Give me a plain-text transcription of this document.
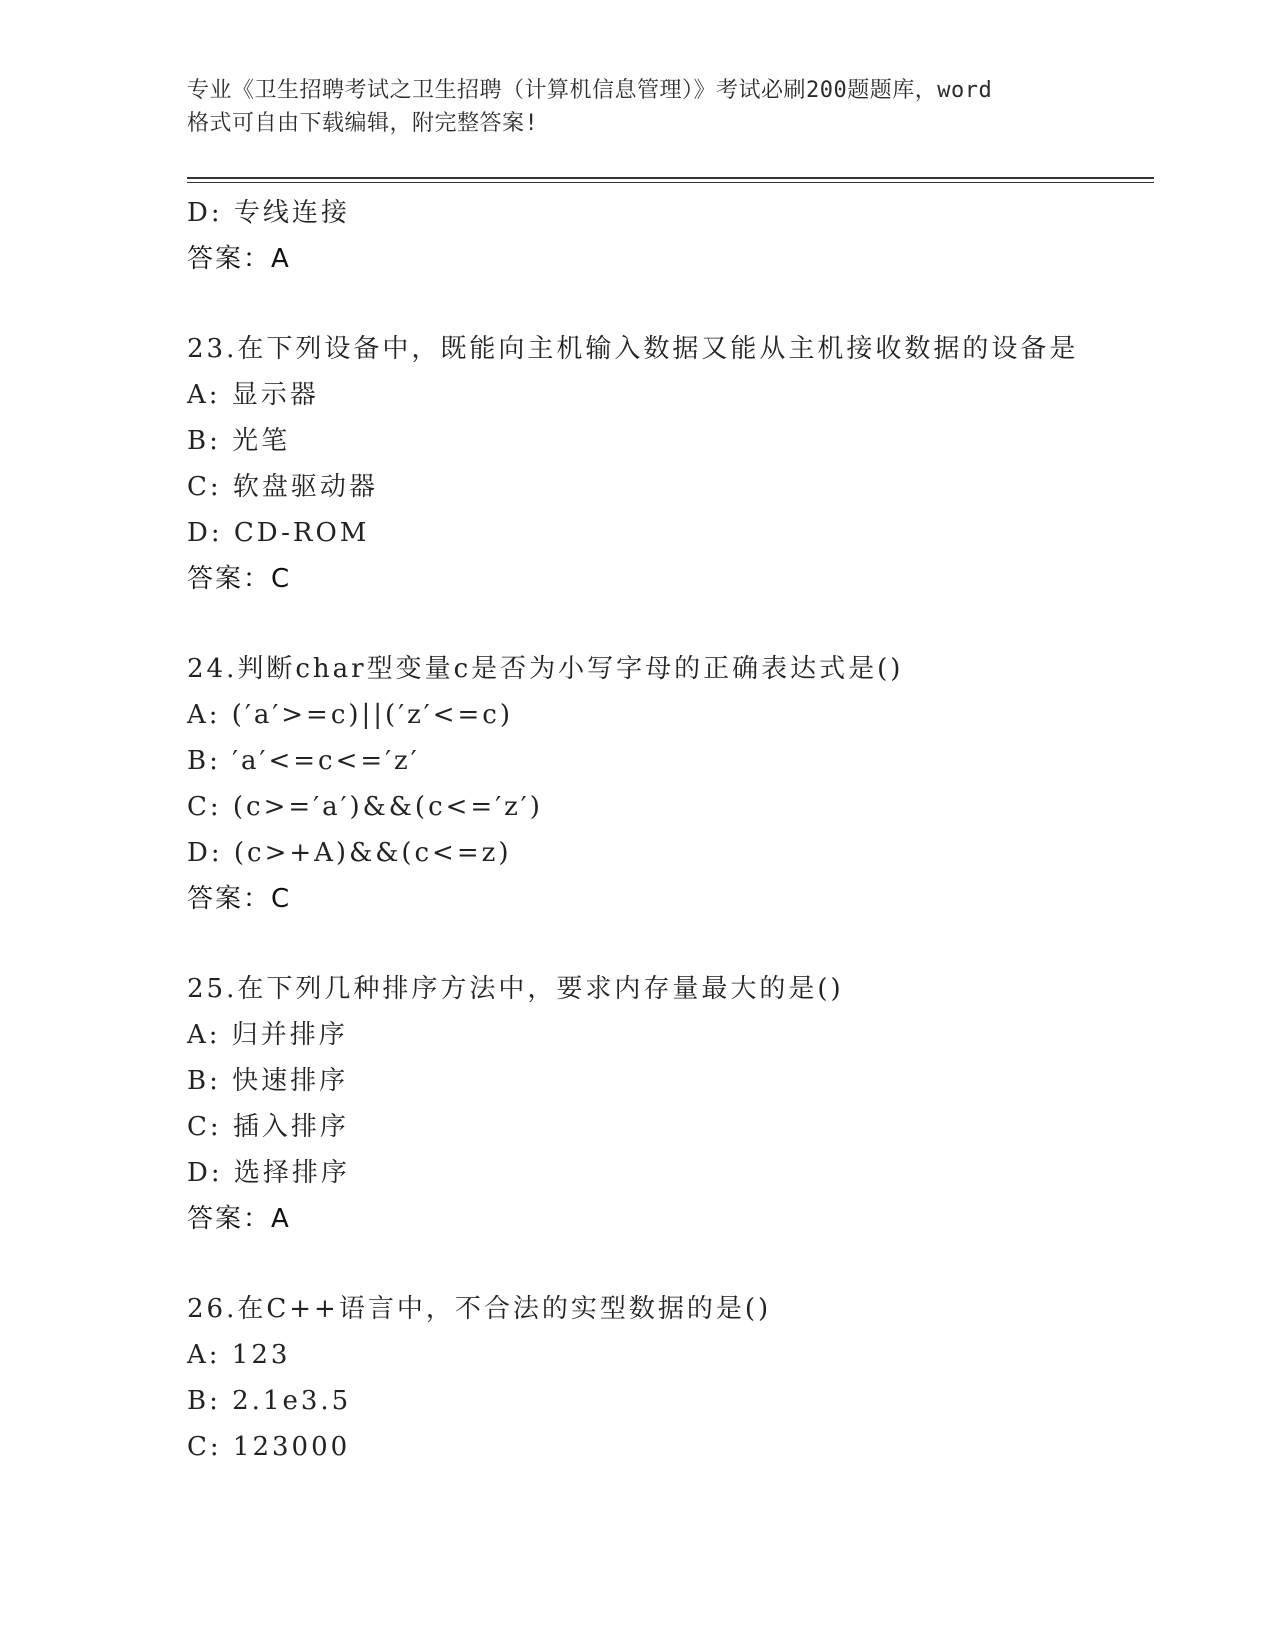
专业《卫生招聘考试之卫生招聘（计算机信息管理）》考试必刷200题题库，word
格式可自由下载编辑，附完整答案!
D: 专线连接
答案：A
23.在下列设备中，既能向主机输入数据又能从主机接收数据的设备是
A: 显示器
B: 光笔
C: 软盘驱动器
D: CD-ROM
答案：C
24.判断char型变量c是否为小写字母的正确表达式是()
A: (′a′>=c)||(′z′<=c)
B: ′a′<=c<=′z′
C: (c>=′a′)&&(c<=′z′)
D: (c>+A)&&(c<=z)
答案：C
25.在下列几种排序方法中，要求内存量最大的是()
A: 归并排序
B: 快速排序
C: 插入排序
D: 选择排序
答案：A
26.在C++语言中，不合法的实型数据的是()
A: 123
B: 2.1e3.5
C: 123000
